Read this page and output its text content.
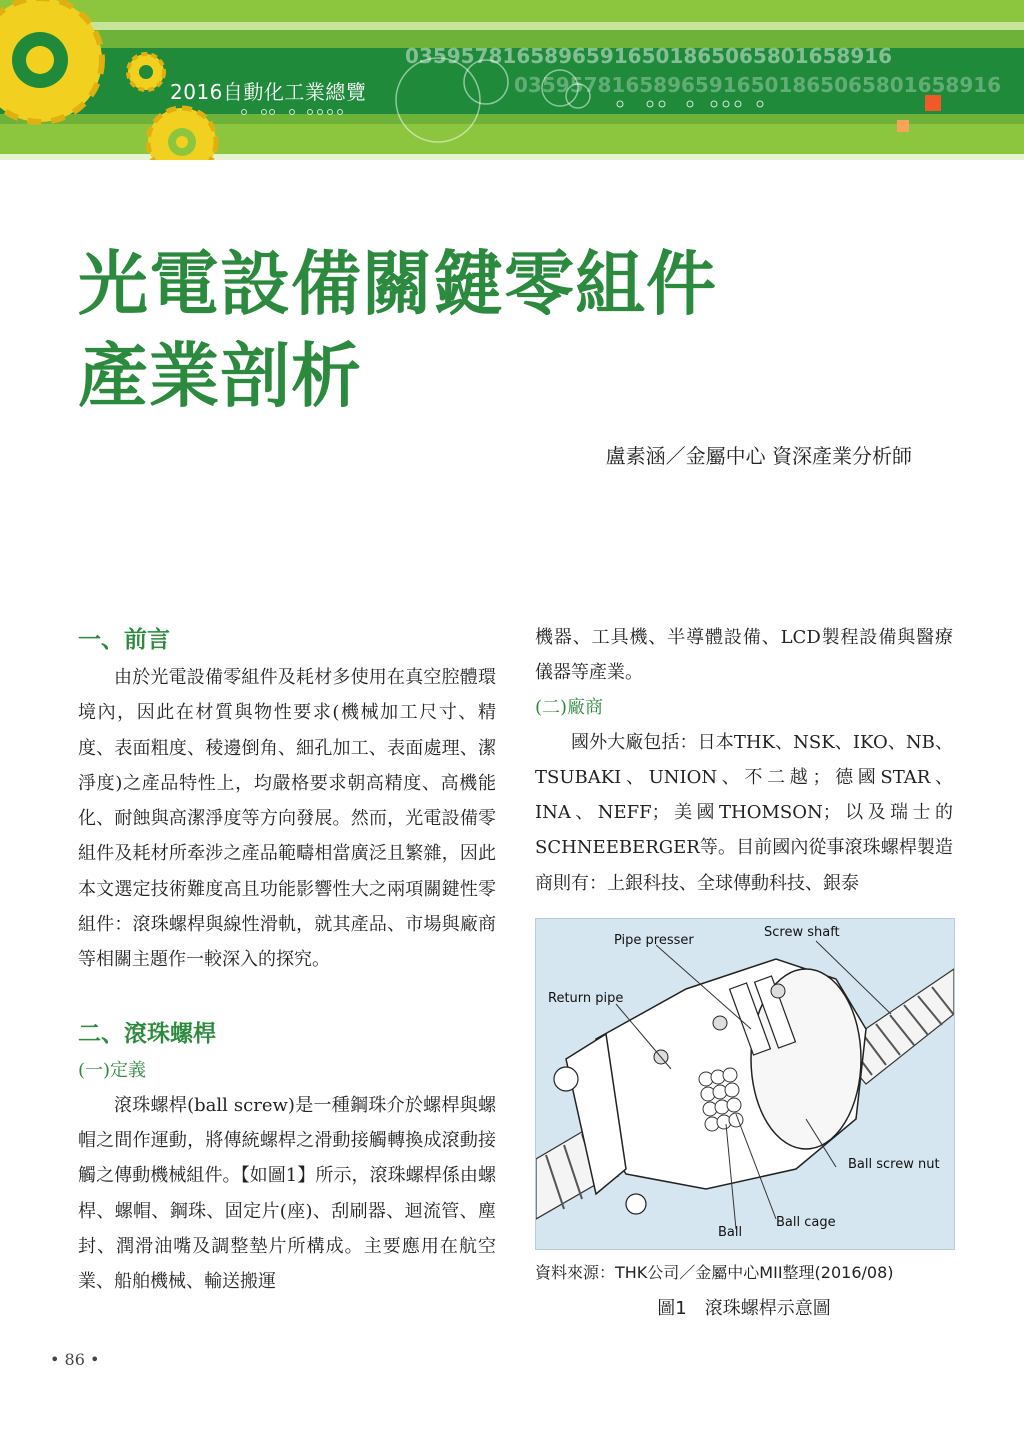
2016自動化工業總覽
03595781658965916501865065801658916
03595781658965916501865065801658916
光電設備關鍵零組件
產業剖析
盧素涵／金屬中心 資深產業分析師
一、前言

由於光電設備零組件及耗材多使用在真空腔體環境內，因此在材質與物性要求(機械加工尺寸、精度、表面粗度、稜邊倒角、細孔加工、表面處理、潔淨度)之產品特性上，均嚴格要求朝高精度、高機能化、耐蝕與高潔淨度等方向發展。然而，光電設備零組件及耗材所牽涉之產品範疇相當廣泛且繁雜，因此本文選定技術難度高且功能影響性大之兩項關鍵性零組件：滾珠螺桿與線性滑軌，就其產品、市場與廠商等相關主題作一較深入的探究。

二、滾珠螺桿
(一)定義

滾珠螺桿(ball screw)是一種鋼珠介於螺桿與螺帽之間作運動，將傳統螺桿之滑動接觸轉換成滾動接觸之傳動機械組件。【如圖1】所示，滾珠螺桿係由螺桿、螺帽、鋼珠、固定片(座)、刮刷器、迴流管、塵封、潤滑油嘴及調整墊片所構成。主要應用在航空業、船舶機械、輸送搬運

機器、工具機、半導體設備、LCD製程設備與醫療儀器等產業。

(二)廠商

國外大廠包括：日本THK、NSK、IKO、NB、TSUBAKI、UNION、不二越；德國STAR、INA、NEFF；美國THOMSON；以及瑞士的SCHNEEBERGER等。目前國內從事滾珠螺桿製造商則有：上銀科技、全球傳動科技、銀泰

Pipe presser
Screw shaft
Return pipe
Ball screw nut
Ball
Ball cage
資料來源：THK公司／金屬中心MII整理(2016/08)
圖1　滾珠螺桿示意圖
• 86 •
